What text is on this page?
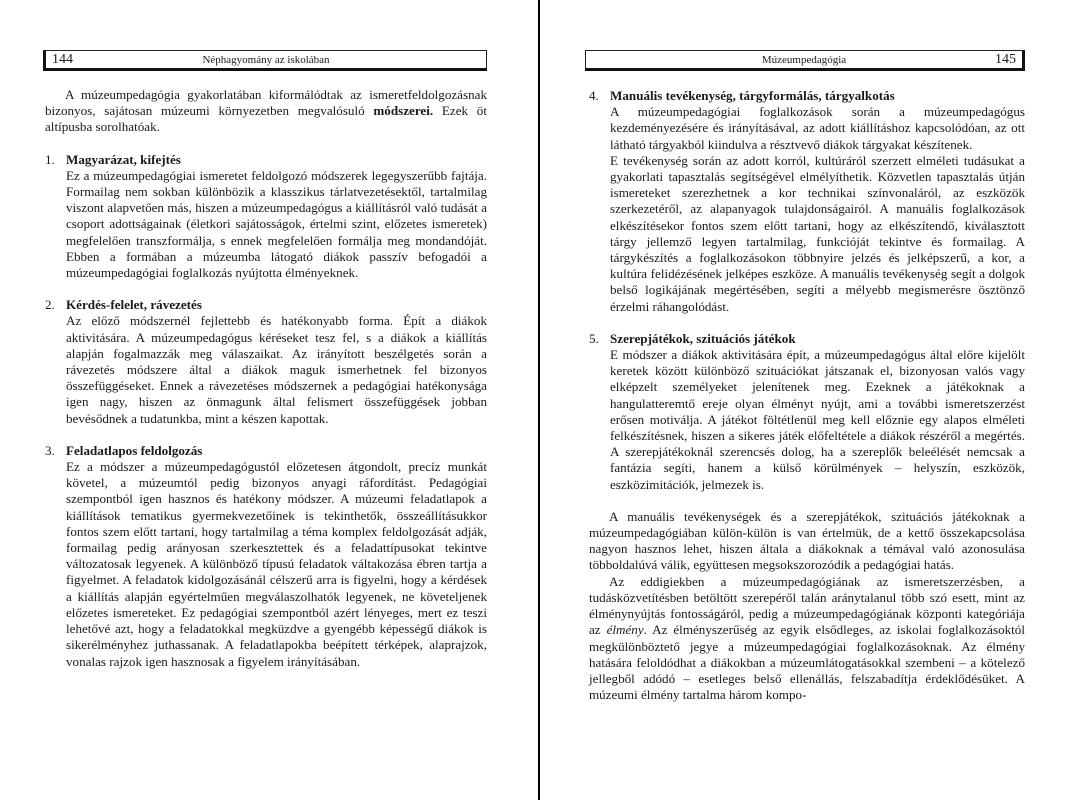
144	Néphagyomány az iskolában

A múzeumpedagógia gyakorlatában kiformálódtak az ismeretfeldolgozásnak bizonyos, sajátosan múzeumi környezetben megvalósuló módszerei. Ezek öt altípusba sorolhatóak.

1. Magyarázat, kifejtés

Ez a múzeumpedagógiai ismeretet feldolgozó módszerek legegyszerűbb fajtája. Formailag nem sokban különbözik a klasszikus tárlatvezetésektől, tartalmilag viszont alapvetően más, hiszen a múzeumpedagógus a kiállításról való tudását a csoport adottságainak (életkori sajátosságok, értelmi szint, előzetes ismeretek) megfelelően transzformálja, s ennek megfelelően formálja meg mondandóját. Ebben a formában a múzeumba látogató diákok passzív befogadói a múzeumpedagógiai foglalkozás nyújtotta élményeknek.

2. Kérdés-felelet, rávezetés

Az előző módszernél fejlettebb és hatékonyabb forma. Épít a diákok aktivitására. A múzeumpedagógus kéréseket tesz fel, s a diákok a kiállítás alapján fogalmazzák meg válaszaikat. Az irányított beszélgetés során a rávezetés módszere által a diákok maguk ismerhetnek fel bizonyos összefüggéseket. Ennek a rávezetéses módszernek a pedagógiai hatékonysága igen nagy, hiszen az önmagunk által felismert összefüggések jobban bevésődnek a tudatunkba, mint a készen kapottak.

3. Feladatlapos feldolgozás

Ez a módszer a múzeumpedagógustól előzetesen átgondolt, precíz munkát követel, a múzeumtól pedig bizonyos anyagi ráfordítást. Pedagógiai szempontból igen hasznos és hatékony módszer. A múzeumi feladatlapok a kiállítások tematikus gyermekvezetőinek is tekinthetők, összeállításukkor fontos szem előtt tartani, hogy tartalmilag a téma komplex feldolgozását adják, formailag pedig arányosan szerkesztettek és a feladattípusokat tekintve változatosak legyenek. A különböző típusú feladatok váltakozása ébren tartja a figyelmet. A feladatok kidolgozásánál célszerű arra is figyelni, hogy a kérdések a kiállítás alapján egyértelműen megválaszolhatók legyenek, ne követeljenek előzetes ismereteket. Ez pedagógiai szempontból azért lényeges, mert ez teszi lehetővé azt, hogy a feladatokkal megküzdve a gyengébb képességű diákok is sikerélményhez juthassanak. A feladatlapokba beépített térképek, alaprajzok, vonalas rajzok igen hasznosak a figyelem irányításában.

Múzeumpedagógia	145
4. Manuális tevékenység, tárgyformálás, tárgyalkotás

A múzeumpedagógiai foglalkozások során a múzeumpedagógus kezdeményezésére és irányításával, az adott kiállításhoz kapcsolódóan, az ott látható tárgyakból kiindulva a résztvevő diákok tárgyakat készítenek.

E tevékenység során az adott korról, kultúráról szerzett elméleti tudásukat a gyakorlati tapasztalás segítségével elmélyíthetik. Közvetlen tapasztalás útján ismereteket szerezhetnek a kor technikai színvonaláról, az eszközök szerkezetéről, az alapanyagok tulajdonságairól. A manuális foglalkozások elkészítésekor fontos szem előtt tartani, hogy az elkészítendő, kiválasztott tárgy jellemző legyen tartalmilag, funkcióját tekintve és formailag. A tárgykészítés a foglalkozásokon többnyire jelzés és jelképszerű, a kor, a kultúra felidézésének jelképes eszköze. A manuális tevékenység segít a dolgok belső logikájának megértésében, segíti a mélyebb megismerésre ösztönző érzelmi ráhangolódást.

5. Szerepjátékok, szituációs játékok

E módszer a diákok aktivitására épít, a múzeumpedagógus által előre kijelölt keretek között különböző szituációkat játszanak el, bizonyosan valós vagy elképzelt személyeket jelenítenek meg. Ezeknek a játékoknak a hangulatteremtő ereje olyan élményt nyújt, ami a további ismeretszerzést erősen motiválja. A játékot föltétlenül meg kell előznie egy alapos elméleti felkészítésnek, hiszen a sikeres játék előfeltétele a diákok részéről a megértés. A szerepjátékoknál szerencsés dolog, ha a szereplők beleélését nemcsak a fantázia segíti, hanem a külső körülmények – helyszín, eszközök, eszközimitációk, jelmezek is.

A manuális tevékenységek és a szerepjátékok, szituációs játékoknak a múzeumpedagógiában külön-külön is van értelmük, de a kettő összekapcsolása nagyon hasznos lehet, hiszen általa a diákoknak a témával való azonosulása többoldalúvá válik, együttesen megsokszorozódik a pedagógiai hatás.

Az eddigiekben a múzeumpedagógiának az ismeretszerzésben, a tudásközvetítésben betöltött szerepéről talán aránytalanul több szó esett, mint az élménynyújtás fontosságáról, pedig a múzeumpedagógiának központi kategóriája az élmény. Az élményszerűség az egyik elsődleges, az iskolai foglalkozásoktól megkülönböztető jegye a múzeumpedagógiai foglalkozásoknak. Az élmény hatására feloldódhat a diákokban a múzeumlátogatásokkal szembeni – a kötelező jellegből adódó – esetleges belső ellenállás, felszabadítja érdeklődésüket. A múzeumi élmény tartalma három kompo-
